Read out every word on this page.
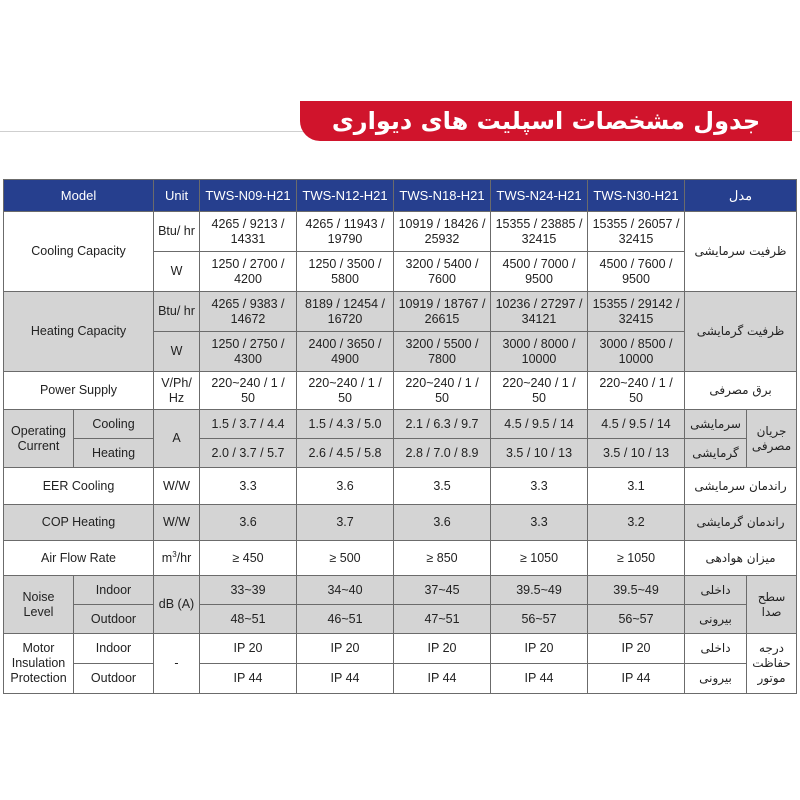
جدول مشخصات اسپلیت های دیواری3D Inverter
Model		Unit	TWS-N09-H21	TWS-N12-H21	TWS-N18-H21	TWS-N24-H21	TWS-N30-H21	مدل	
Cooling Capacity		Btu/ hr	4265 / 9213 / 14331	4265 / 11943 / 19790	10919 / 18426 / 25932	15355 / 23885 / 32415	15355 / 26057 / 32415	ظرفیت سرمایشی	
		W	1250 / 2700 / 4200	1250 / 3500 / 5800	3200 / 5400 / 7600	4500 / 7000 / 9500	4500 / 7600 / 9500		
Heating Capacity		Btu/ hr	4265 / 9383 / 14672	8189 / 12454 / 16720	10919 / 18767 / 26615	10236 / 27297 / 34121	15355 / 29142 / 32415	ظرفیت گرمایشی	
		W	1250 / 2750 / 4300	2400 / 3650 / 4900	3200 / 5500 / 7800	3000 / 8000 / 10000	3000 / 8500 / 10000		
Power Supply		V/Ph/ Hz	220~240 / 1 / 50	220~240 / 1 / 50	220~240 / 1 / 50	220~240 / 1 / 50	220~240 / 1 / 50	برق مصرفی	
Operating Current	Cooling	A	1.5 / 3.7 / 4.4	1.5 / 4.3 / 5.0	2.1 / 6.3 / 9.7	4.5 / 9.5 / 14	4.5 / 9.5 / 14	سرمایشی	جریان مصرفی
	Heating		2.0 / 3.7 / 5.7	2.6 / 4.5 / 5.8	2.8 / 7.0 / 8.9	3.5 / 10 / 13	3.5 / 10 / 13	گرمایشی	
EER Cooling		W/W	3.3	3.6	3.5	3.3	3.1	راندمان سرمایشی	
COP Heating		W/W	3.6	3.7	3.6	3.3	3.2	راندمان گرمایشی	
Air Flow Rate		$m^3/hr$	≥ 450	≥ 500	≥ 850	≥ 1050	≥ 1050	میزان هوادهی	
Noise Level	Indoor	dB (A)	33~39	34~40	37~45	39.5~49	39.5~49	داخلی	سطح صدا
	Outdoor		48~51	46~51	47~51	56~57	56~57	بیرونی	
Motor Insulation Protection	Indoor	-	IP 20	IP 20	IP 20	IP 20	IP 20	داخلی	درجه حفاظت موتور
	Outdoor		IP 44	IP 44	IP 44	IP 44	IP 44	بیرونی	
